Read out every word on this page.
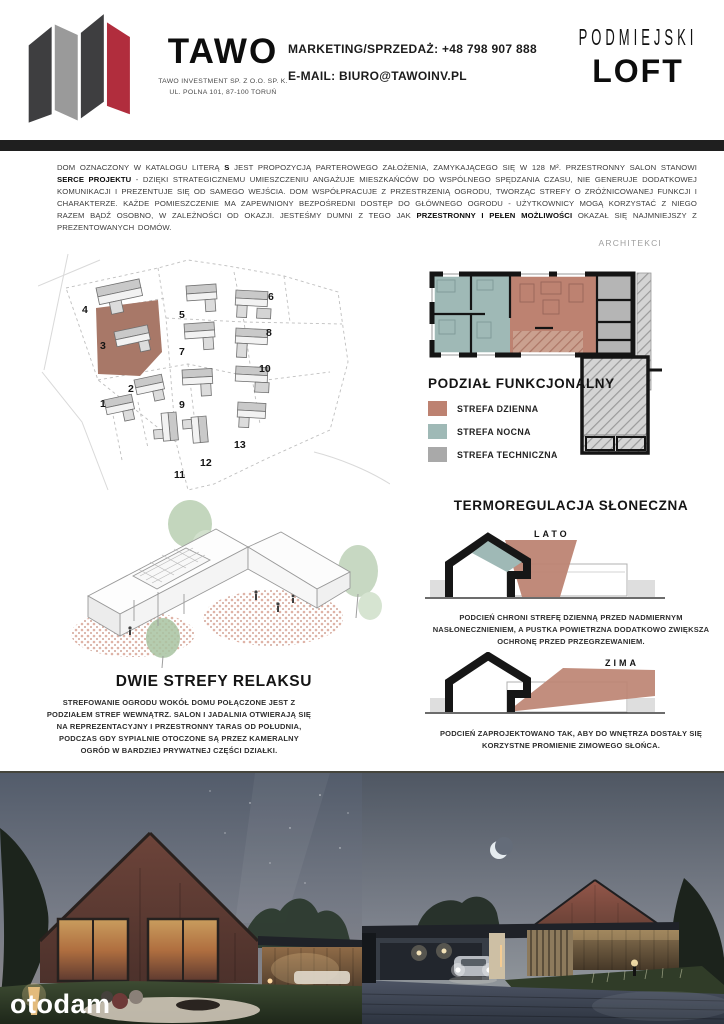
TAWO
TAWO INVESTMENT SP. Z O.O. SP. K.
UL. POLNA 101, 87-100 TORUŃ
MARKETING/SPRZEDAŻ: +48 798 907 888
E-MAIL: BIURO@TAWOINV.PL
PODMIEJSKI
LOFT
DOM OZNACZONY W KATALOGU LITERĄ S JEST PROPOZYCJĄ PARTEROWEGO ZAŁOŻENIA, ZAMYKAJĄCEGO SIĘ W 128 M². PRZESTRONNY SALON STANOWI SERCE PROJEKTU - DZIĘKI STRATEGICZNEMU UMIESZCZENIU ANGAŻUJE MIESZKAŃCÓW DO WSPÓLNEGO SPĘDZANIA CZASU, NIE GENERUJE DODATKOWEJ KOMUNIKACJI I PREZENTUJE SIĘ OD SAMEGO WEJŚCIA. DOM WSPÓŁPRACUJE Z PRZESTRZENIĄ OGRODU, TWORZĄC STREFY O ZRÓŻNICOWANEJ FUNKCJI I CHARAKTERZE. KAŻDE POMIESZCZENIE MA ZAPEWNIONY BEZPOŚREDNI DOSTĘP DO GŁÓWNEGO OGRODU - UŻYTKOWNICY MOGĄ KORZYSTAĆ Z NIEGO RAZEM BĄDŹ OSOBNO, W ZALEŻNOŚCI OD OKAZJI. JESTEŚMY DUMNI Z TEGO JAK PRZESTRONNY I PEŁEN MOŻLIWOŚCI OKAZAŁ SIĘ NAJMNIEJSZY Z PREZENTOWANYCH DOMÓW.
ARCHITEKCI
1
2
3
4	5
6
7
8
9
10
11
12
13
PODZIAŁ FUNKCJONALNY
STREFA DZIENNA
STREFA NOCNA
STREFA TECHNICZNA
TERMOREGULACJA SŁONECZNA
LATO
PODCIEŃ CHRONI STREFĘ DZIENNĄ PRZED NADMIERNYM NASŁONECZNIENIEM, A PUSTKA POWIETRZNA DODATKOWO ZWIĘKSZA OCHRONĘ PRZED PRZEGRZEWANIEM.
ZIMA
PODCIEŃ ZAPROJEKTOWANO TAK, ABY DO WNĘTRZA DOSTAŁY SIĘ KORZYSTNE PROMIENIE ZIMOWEGO SŁOŃCA.
DWIE STREFY RELAKSU
STREFOWANIE OGRODU WOKÓŁ DOMU POŁĄCZONE JEST Z PODZIAŁEM STREF WEWNĄTRZ. SALON I JADALNIA OTWIERAJĄ SIĘ NA REPREZENTACYJNY I PRZESTRONNY TARAS OD POŁUDNIA, PODCZAS GDY SYPIALNIE OTOCZONE SĄ PRZEZ KAMERALNY OGRÓD W BARDZIEJ PRYWATNEJ CZĘŚCI DZIAŁKI.
otodam
